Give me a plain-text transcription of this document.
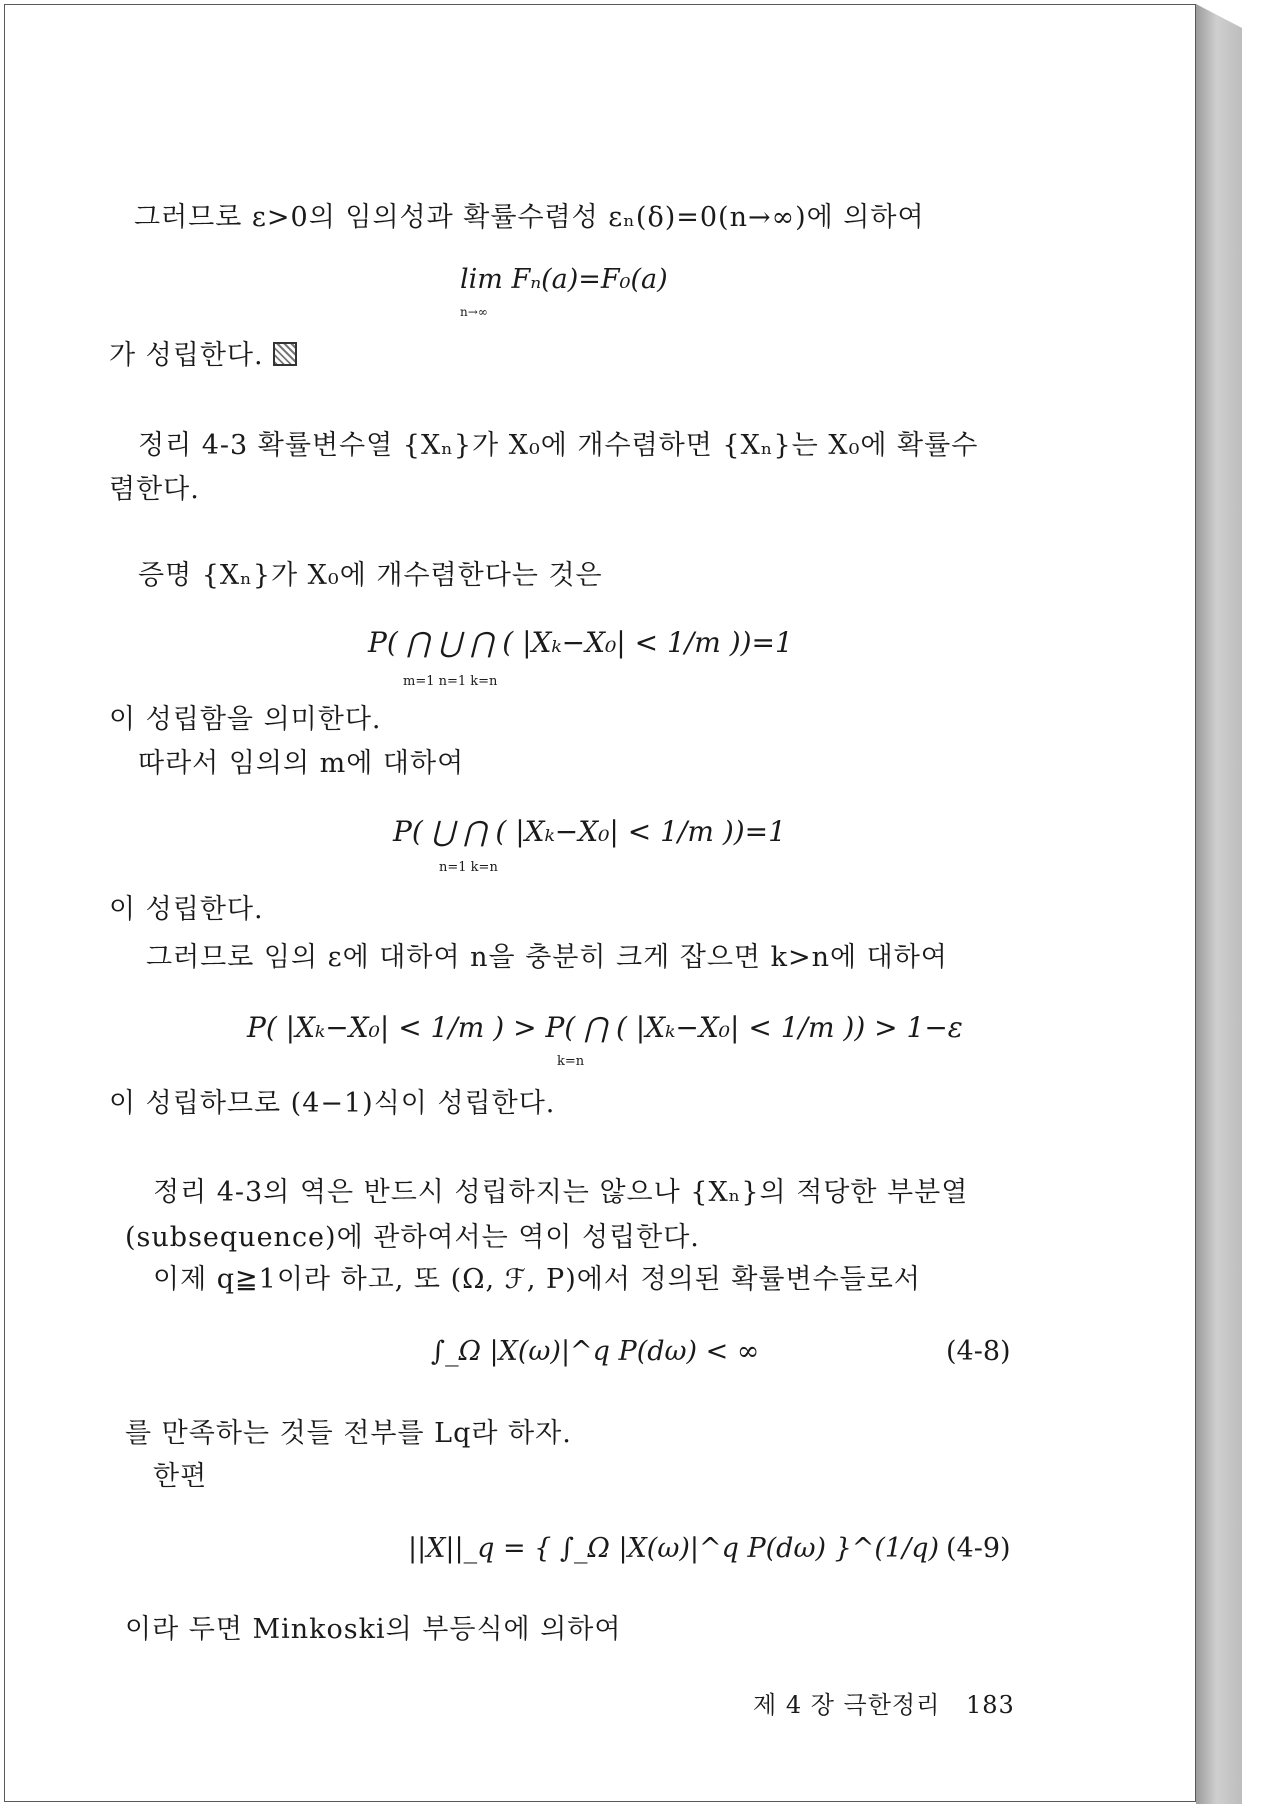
그러므로 ε>0의 임의성과 확률수렴성 εₙ(δ)=0(n→∞)에 의하여
lim Fₙ(a)=F₀(a)
n→∞
가 성립한다.
정리 4-3 확률변수열 {Xₙ}가 X₀에 개수렴하면 {Xₙ}는 X₀에 확률수
렴한다.
증명 {Xₙ}가 X₀에 개수렴한다는 것은
P( ⋂ ⋃ ⋂ ( |Xₖ−X₀| < 1/m ))=1
m=1 n=1 k=n
이 성립함을 의미한다.
따라서 임의의 m에 대하여
P( ⋃ ⋂ ( |Xₖ−X₀| < 1/m ))=1
n=1 k=n
이 성립한다.
그러므로 임의 ε에 대하여 n을 충분히 크게 잡으면 k>n에 대하여
P( |Xₖ−X₀| < 1/m ) > P( ⋂ ( |Xₖ−X₀| < 1/m )) > 1−ε
k=n
이 성립하므로 (4−1)식이 성립한다.
정리 4-3의 역은 반드시 성립하지는 않으나 {Xₙ}의 적당한 부분열
(subsequence)에 관하여서는 역이 성립한다.
이제 q≧1이라 하고, 또 (Ω, ℱ, P)에서 정의된 확률변수들로서
∫_Ω |X(ω)|^q P(dω) < ∞	(4-8)
를 만족하는 것들 전부를 Lq라 하자.
한편
||X||_q = { ∫_Ω |X(ω)|^q P(dω) }^(1/q) (4-9)
이라 두면 Minkoski의 부등식에 의하여
제 4 장 극한정리 183
